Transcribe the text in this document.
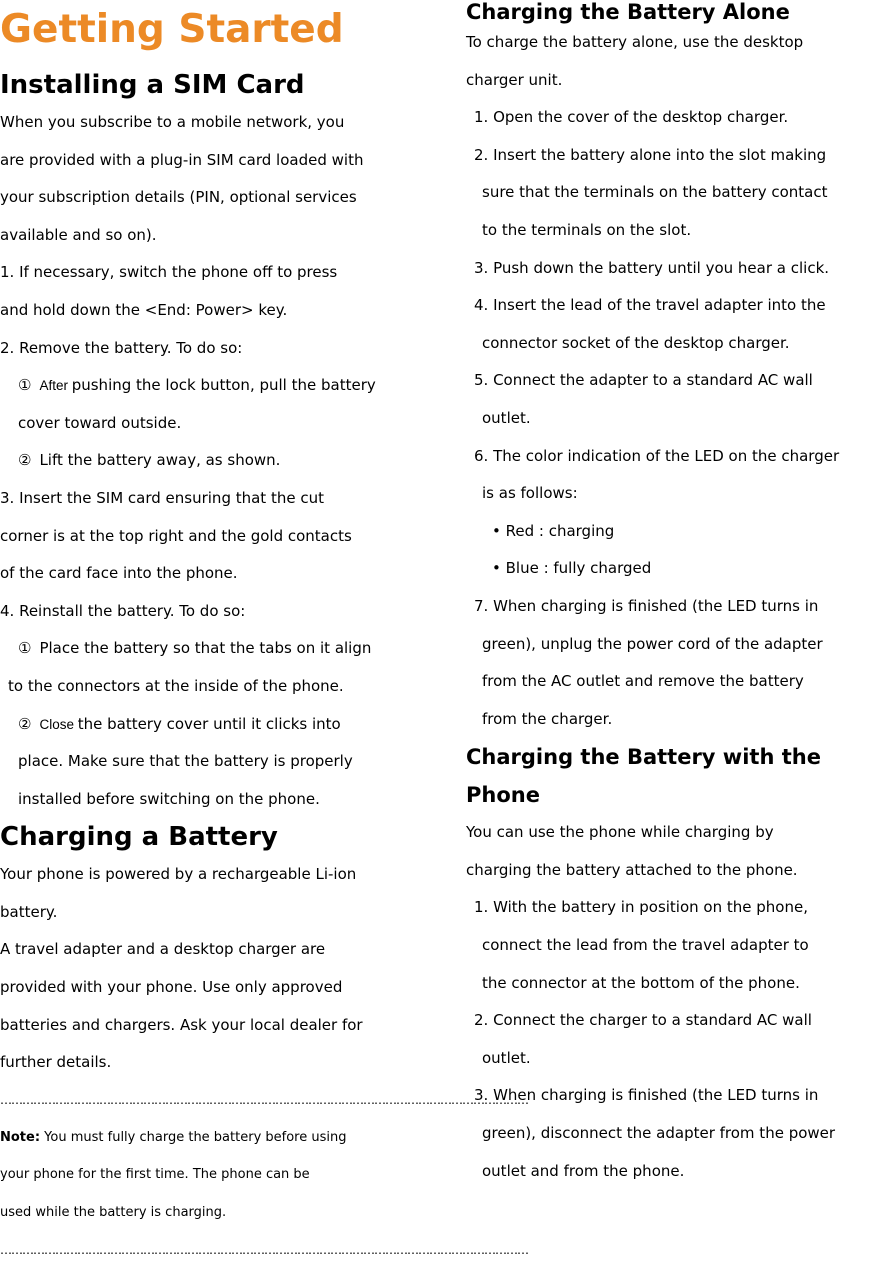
Getting Started
Installing a SIM Card

When you subscribe to a mobile network, you

are provided with a plug-in SIM card loaded with

your subscription details (PIN, optional services

available and so on).

1. If necessary, switch the phone off to press

and hold down the <End: Power> key.

2. Remove the battery. To do so:

① After pushing the lock button, pull the battery

cover toward outside.

② Lift the battery away, as shown.

3. Insert the SIM card ensuring that the cut

corner is at the top right and the gold contacts

of the card face into the phone.

4. Reinstall the battery. To do so:

① Place the battery so that the tabs on it align

to the connectors at the inside of the phone.

② Close the battery cover until it clicks into

place. Make sure that the battery is properly

installed before switching on the phone.

Charging a Battery

Your phone is powered by a rechargeable Li-ion

battery.

A travel adapter and a desktop charger are

provided with your phone. Use only approved

batteries and chargers. Ask your local dealer for

further details.

………………………………………………………………………………………………………………………………

Note: You must fully charge the battery before using

your phone for the first time. The phone can be

used while the battery is charging.

………………………………………………………………………………………………………………………………
Charging the Battery Alone

To charge the battery alone, use the desktop

charger unit.

1. Open the cover of the desktop charger.

2. Insert the battery alone into the slot making

sure that the terminals on the battery contact

to the terminals on the slot.

3. Push down the battery until you hear a click.

4. Insert the lead of the travel adapter into the

connector socket of the desktop charger.

5. Connect the adapter to a standard AC wall

outlet.

6. The color indication of the LED on the charger

is as follows:

• Red : charging

• Blue : fully charged

7. When charging is finished (the LED turns in

green), unplug the power cord of the adapter

from the AC outlet and remove the battery

from the charger.

Charging the Battery with the
Phone

You can use the phone while charging by

charging the battery attached to the phone.

1. With the battery in position on the phone,

connect the lead from the travel adapter to

the connector at the bottom of the phone.

2. Connect the charger to a standard AC wall

outlet.

3. When charging is finished (the LED turns in

green), disconnect the adapter from the power

outlet and from the phone.
